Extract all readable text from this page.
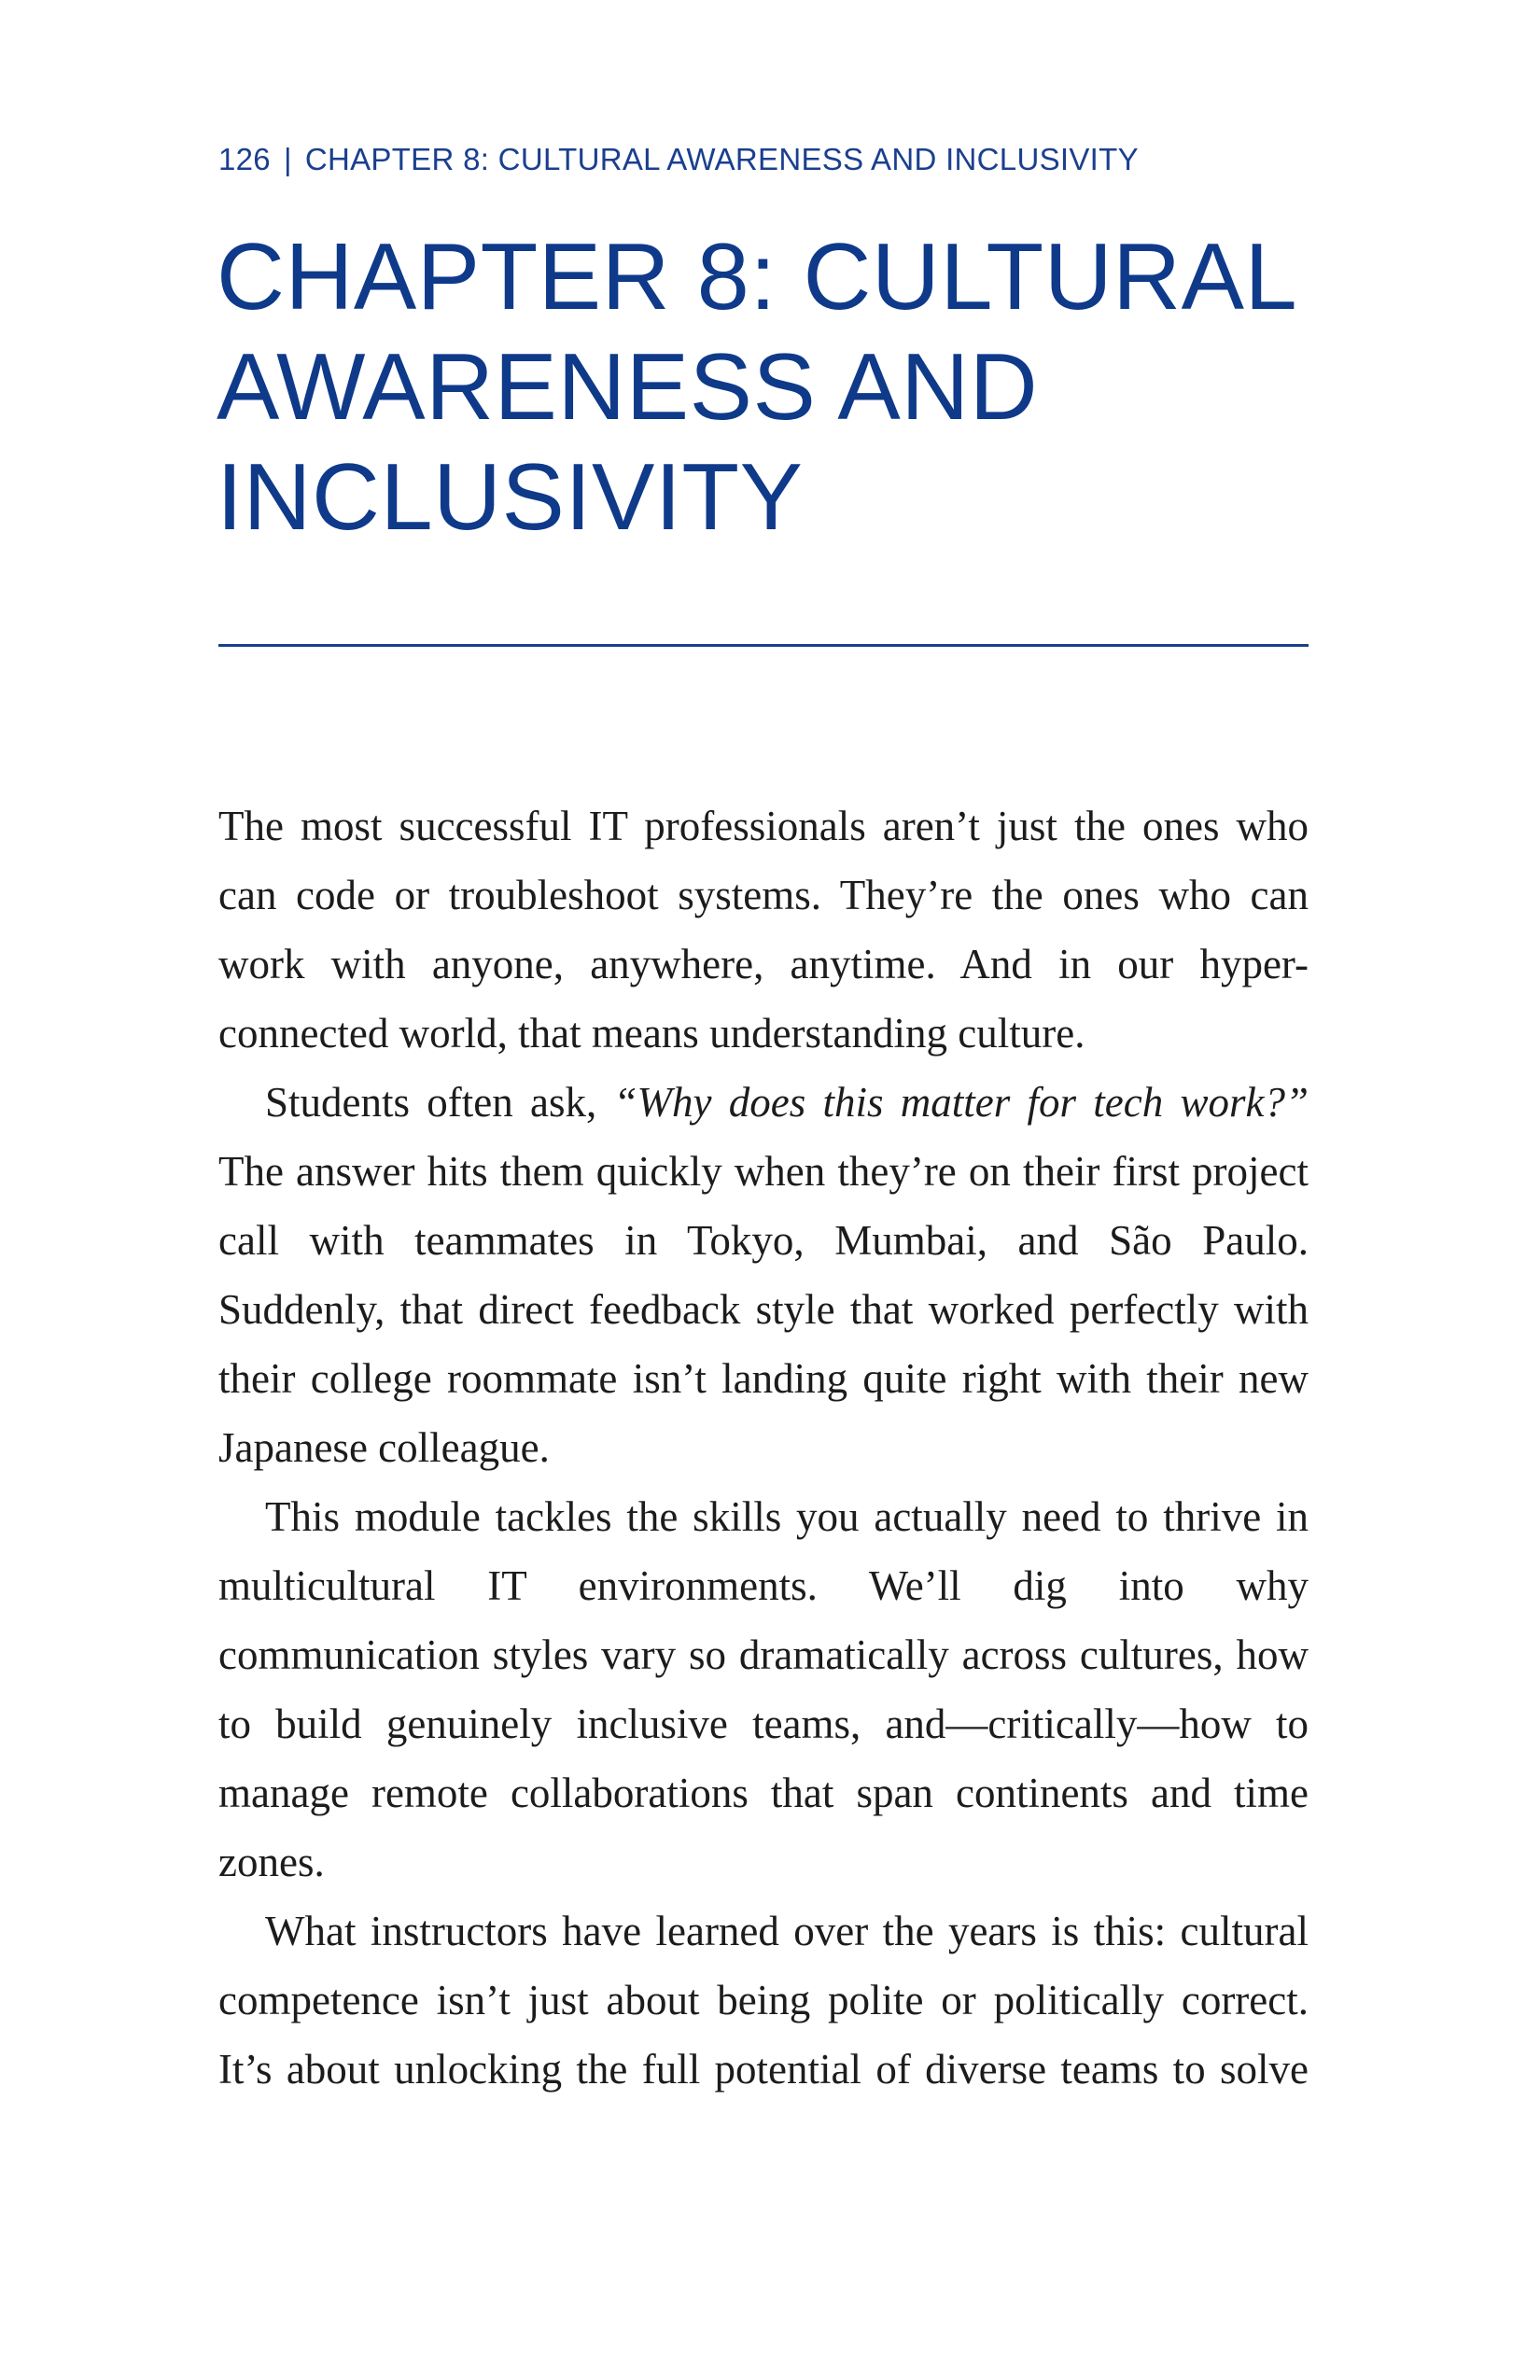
126 | CHAPTER 8: CULTURAL AWARENESS AND INCLUSIVITY
CHAPTER 8: CULTURAL AWARENESS AND INCLUSIVITY

The most successful IT professionals aren’t just the ones who can code or troubleshoot systems. They’re the ones who can work with anyone, anywhere, anytime. And in our hyper-connected world, that means understanding culture.

Students often ask, “Why does this matter for tech work?” The answer hits them quickly when they’re on their first project call with teammates in Tokyo, Mumbai, and São Paulo. Suddenly, that direct feedback style that worked perfectly with their college roommate isn’t landing quite right with their new Japanese colleague.

This module tackles the skills you actually need to thrive in multicultural IT environments. We’ll dig into why communication styles vary so dramatically across cultures, how to build genuinely inclusive teams, and—critically—how to manage remote collaborations that span continents and time zones.

What instructors have learned over the years is this: cultural competence isn’t just about being polite or politically correct. It’s about unlocking the full potential of diverse teams to solve
